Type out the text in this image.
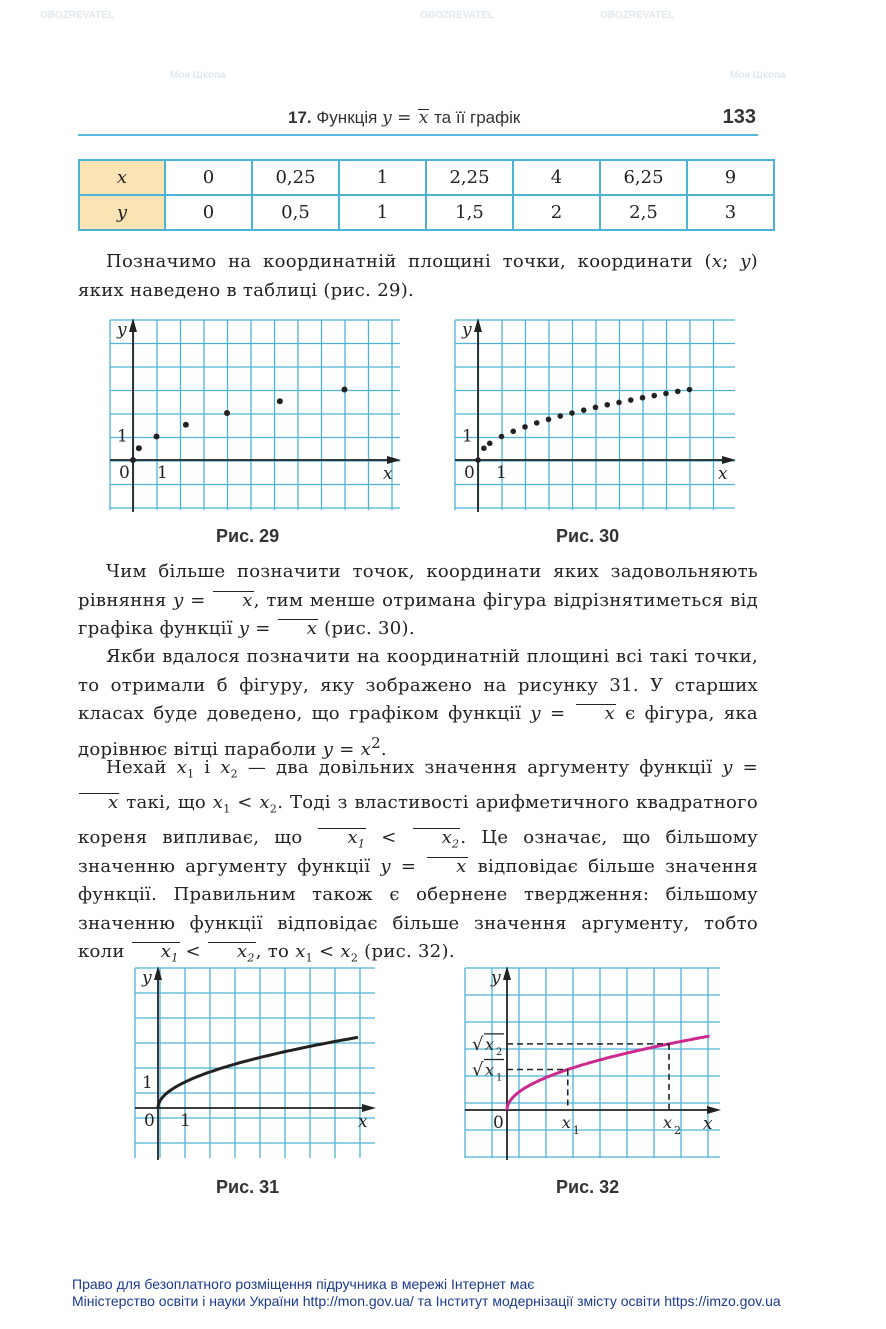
OBOZREVATEL	OBOZREVATEL	OBOZREVATEL
Моя Школа	Моя Школа
17. Функція y = x та її графік	133
x	0	0,25	1	2,25	4	6,25	9
y	0	0,5	1	1,5	2	2,5	3

Позначимо на координатній площині точки, координати (x; y) яких наведено в таблиці (рис. 29).

x
y
0 1
1
x
y
0 1
1
Рис. 29	Рис. 30

Чим більше позначити точок, координати яких задовольняють рівняння y = x, тим менше отримана фігура відрізнятиметься від графіка функції y = x (рис. 30).

Якби вдалося позначити на координатній площині всі такі точки, то отримали б фігуру, яку зображено на рисунку 31. У старших класах буде доведено, що графіком функції y = x є фігура, яка дорівнює вітці параболи $y = x^2$.

Нехай $x_1$ і $x_2$ — два довільних значення аргументу функції y = x такі, що $x_1 < x_2$. Тоді з властивості арифметичного квадратного кореня випливає, що $x_1 < x_2$. Це означає, що більшому значенню аргументу функції y = x відповідає більше значення функції. Правильним також є обернене твердження: більшому значенню функції відповідає більше значення аргументу, тобто коли $x_1 < x_2$, то $x_1 < x_2$ (рис. 32).

x
y
0 1
1
x
y
0	x 1
√ x 1
x 2
√ x 2
Рис. 31	Рис. 32
Право для безоплатного розміщення підручника в мережі Інтернет має
Міністерство освіти і науки України http://mon.gov.ua/ та Інститут модернізації змісту освіти https://imzo.gov.ua
